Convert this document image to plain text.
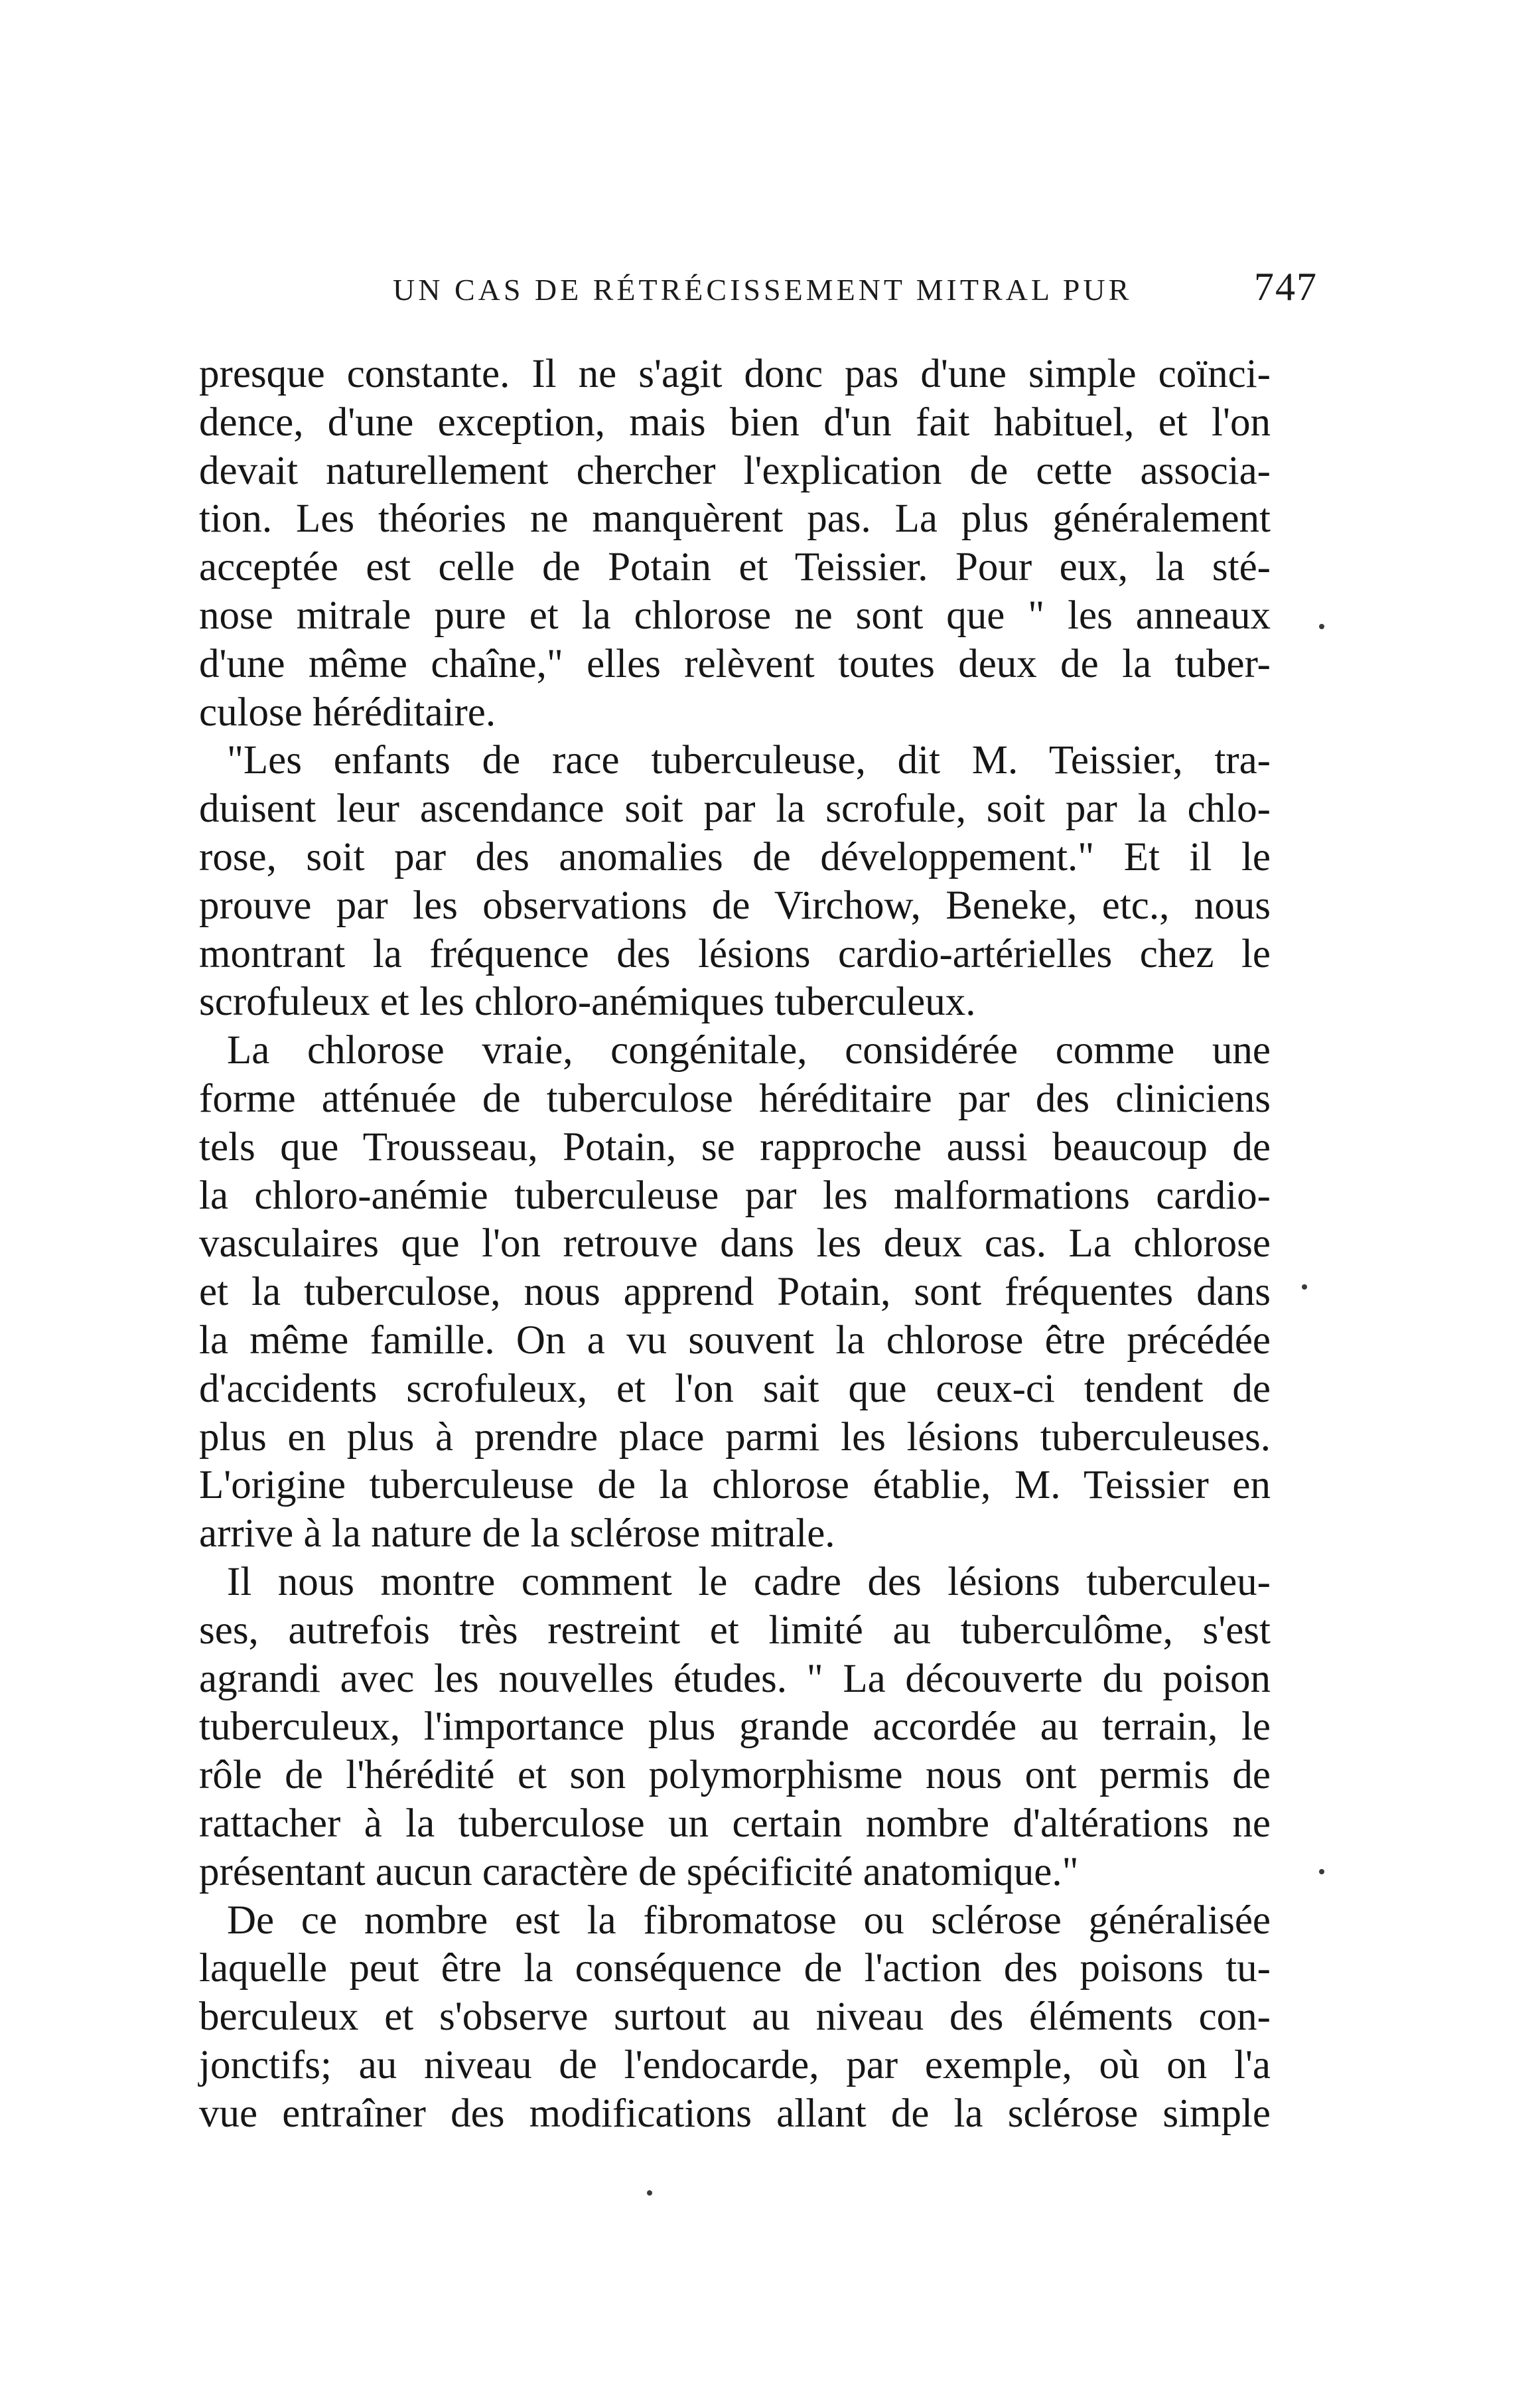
UN CAS DE RÉTRÉCISSEMENT MITRAL PUR	747
presque constante. Il ne s'agit donc pas d'une simple coïnci-
dence, d'une exception, mais bien d'un fait habituel, et l'on
devait naturellement chercher l'explication de cette associa-
tion. Les théories ne manquèrent pas. La plus généralement
acceptée est celle de Potain et Teissier. Pour eux, la sté-
nose mitrale pure et la chlorose ne sont que " les anneaux
d'une même chaîne," elles relèvent toutes deux de la tuber-
culose héréditaire.
"Les enfants de race tuberculeuse, dit M. Teissier, tra-
duisent leur ascendance soit par la scrofule, soit par la chlo-
rose, soit par des anomalies de développement." Et il le
prouve par les observations de Virchow, Beneke, etc., nous
montrant la fréquence des lésions cardio-artérielles chez le
scrofuleux et les chloro-anémiques tuberculeux.
La chlorose vraie, congénitale, considérée comme une
forme atténuée de tuberculose héréditaire par des cliniciens
tels que Trousseau, Potain, se rapproche aussi beaucoup de
la chloro-anémie tuberculeuse par les malformations cardio-
vasculaires que l'on retrouve dans les deux cas. La chlorose
et la tuberculose, nous apprend Potain, sont fréquentes dans
la même famille. On a vu souvent la chlorose être précédée
d'accidents scrofuleux, et l'on sait que ceux-ci tendent de
plus en plus à prendre place parmi les lésions tuberculeuses.
L'origine tuberculeuse de la chlorose établie, M. Teissier en
arrive à la nature de la sclérose mitrale.
Il nous montre comment le cadre des lésions tuberculeu-
ses, autrefois très restreint et limité au tuberculôme, s'est
agrandi avec les nouvelles études. " La découverte du poison
tuberculeux, l'importance plus grande accordée au terrain, le
rôle de l'hérédité et son polymorphisme nous ont permis de
rattacher à la tuberculose un certain nombre d'altérations ne
présentant aucun caractère de spécificité anatomique."
De ce nombre est la fibromatose ou sclérose généralisée
laquelle peut être la conséquence de l'action des poisons tu-
berculeux et s'observe surtout au niveau des éléments con-
jonctifs; au niveau de l'endocarde, par exemple, où on l'a
vue entraîner des modifications allant de la sclérose simple
